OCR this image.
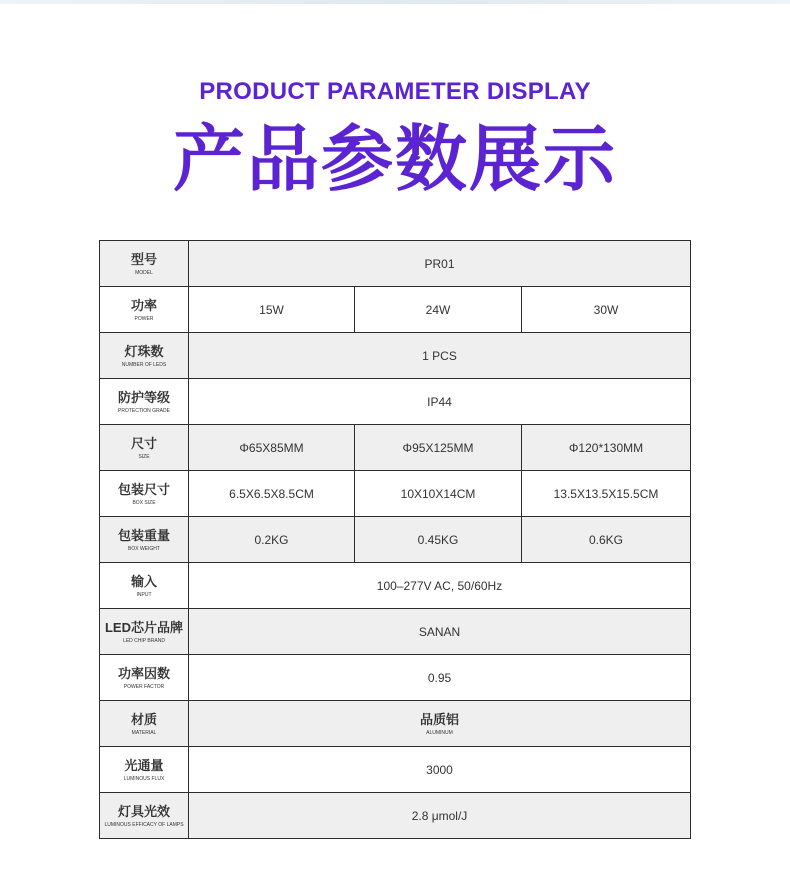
PRODUCT PARAMETER DISPLAY
产品参数展示
型号
MODEL	PR01		

功率
POWER	15W	24W	30W

灯珠数
NUMBER OF LEDS	1 PCS		

防护等级
PROTECTION GRADE	IP44		

尺寸
SIZE	Φ65X85MM	Φ95X125MM	Φ120*130MM

包装尺寸
BOX SIZE	6.5X6.5X8.5CM	10X10X14CM	13.5X13.5X15.5CM

包装重量
BOX WEIGHT	0.2KG	0.45KG	0.6KG

输入
INPUT	100–277V AC, 50/60Hz		

LED芯片品牌
LED CHIP BRAND	SANAN		

功率因数
POWER FACTOR	0.95		

材质
MATERIAL	品质铝
ALUMINUM		

光通量
LUMINOUS FLUX	3000		

灯具光效
LUMINOUS EFFICACY OF LAMPS	2.8 μmol/J		
